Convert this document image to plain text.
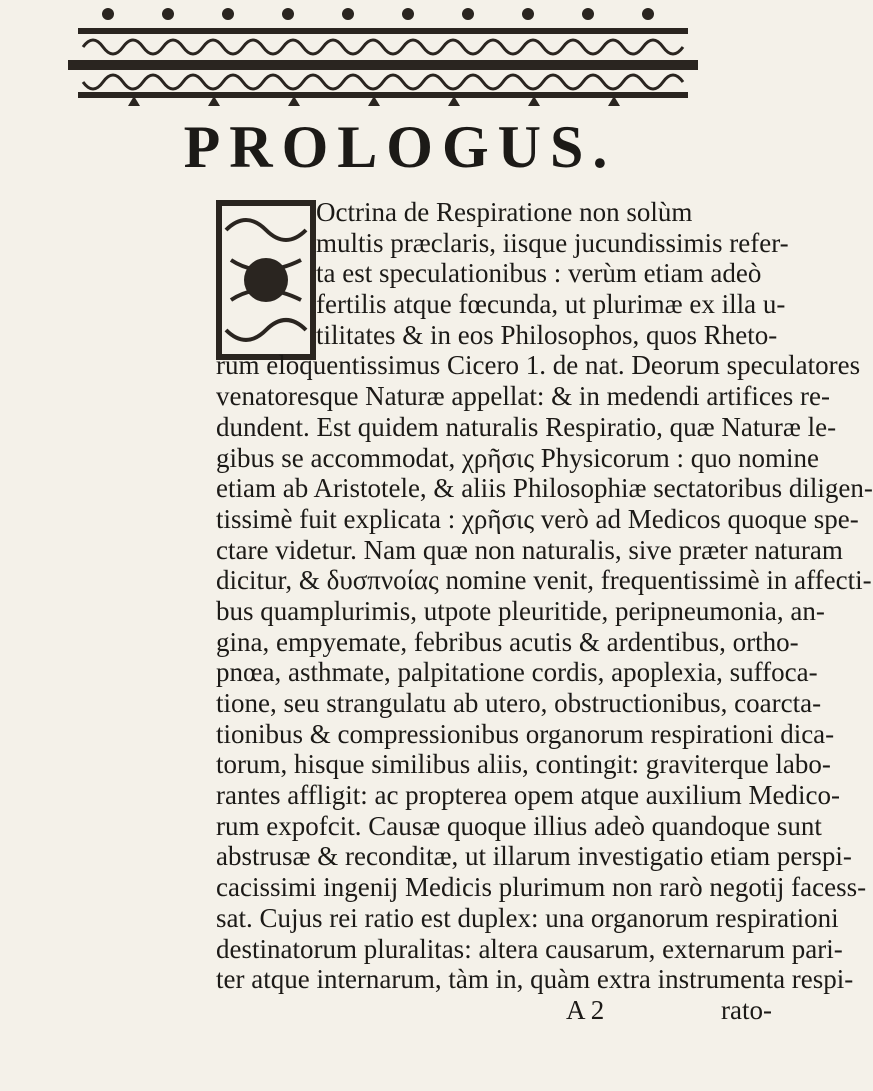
PROLOGUS.
Octrina de Respiratione non solùm
multis præclaris, iisque jucundissimis refer-
ta est speculationibus : verùm etiam adeò
fertilis atque fœcunda, ut plurimæ ex illa u-
tilitates & in eos Philosophos, quos Rheto-
rum eloquentissimus Cicero 1. de nat. Deorum speculatores
venatoresque Naturæ appellat: & in medendi artifices re-
dundent. Est quidem naturalis Respiratio, quæ Naturæ le-
gibus se accommodat, χρῆσις Physicorum : quo nomine
etiam ab Aristotele, & aliis Philosophiæ sectatoribus diligen-
tissimè fuit explicata : χρῆσις verò ad Medicos quoque spe-
ctare videtur. Nam quæ non naturalis, sive præter naturam
dicitur, & δυσπνοίας nomine venit, frequentissimè in affecti-
bus quamplurimis, utpote pleuritide, peripneumonia, an-
gina, empyemate, febribus acutis & ardentibus, ortho-
pnœa, asthmate, palpitatione cordis, apoplexia, suffoca-
tione, seu strangulatu ab utero, obstructionibus, coarcta-
tionibus & compressionibus organorum respirationi dica-
torum, hisque similibus aliis, contingit: graviterque labo-
rantes affligit: ac propterea opem atque auxilium Medico-
rum expofcit. Causæ quoque illius adeò quandoque sunt
abstrusæ & reconditæ, ut illarum investigatio etiam perspi-
cacissimi ingenij Medicis plurimum non rarò negotij facess-
sat. Cujus rei ratio est duplex: una organorum respirationi
destinatorum pluralitas: altera causarum, externarum pari-
ter atque internarum, tàm in, quàm extra instrumenta respi-
A 2	rato-
